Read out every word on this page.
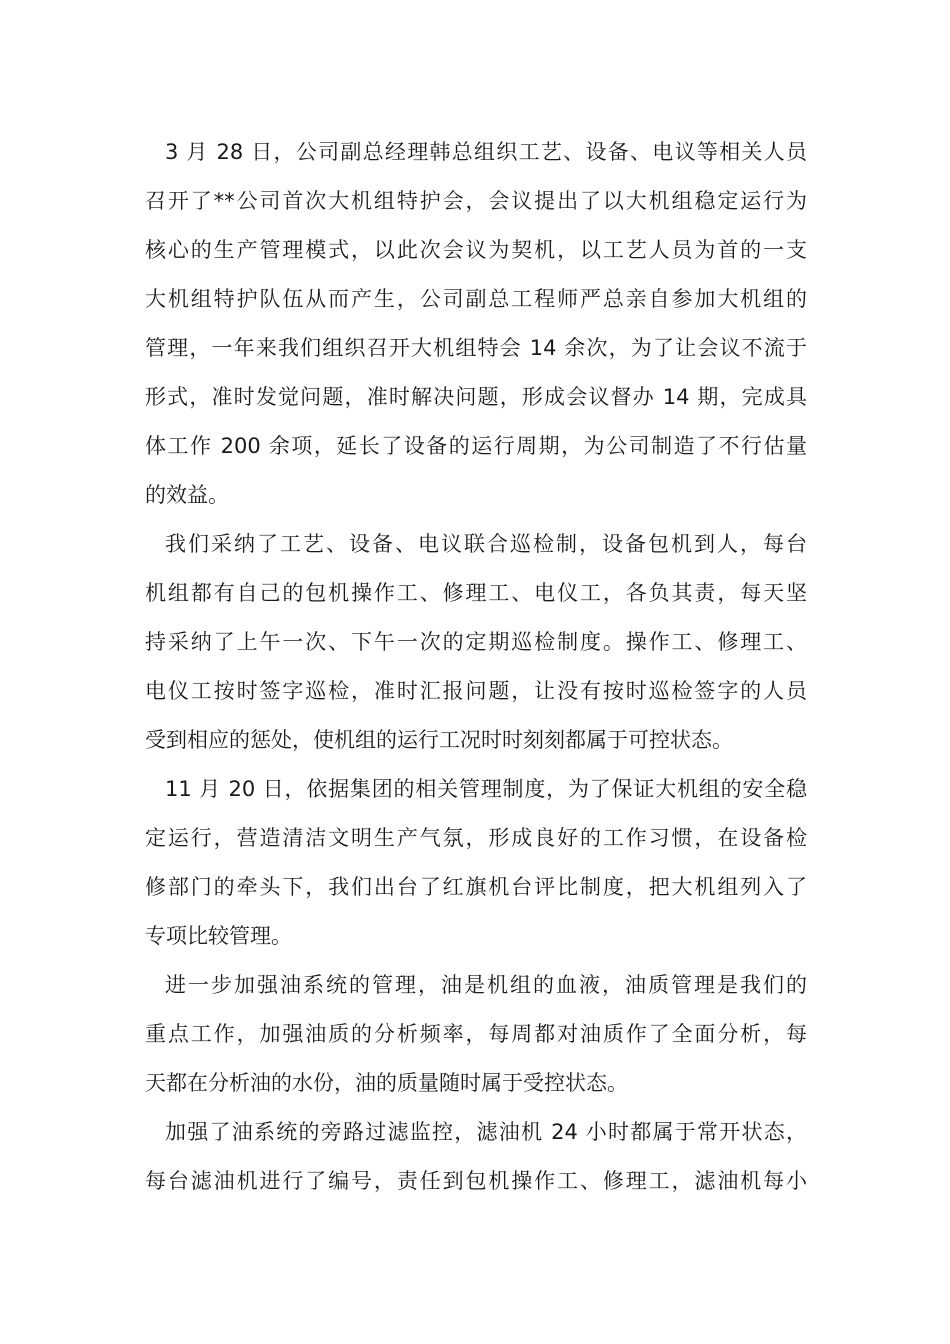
3 月 28 日，公司副总经理韩总组织工艺、设备、电议等相关人员
召开了**公司首次大机组特护会，会议提出了以大机组稳定运行为
核心的生产管理模式，以此次会议为契机，以工艺人员为首的一支
大机组特护队伍从而产生，公司副总工程师严总亲自参加大机组的
管理，一年来我们组织召开大机组特会 14 余次，为了让会议不流于
形式，准时发觉问题，准时解决问题，形成会议督办 14 期，完成具
体工作 200 余项，延长了设备的运行周期，为公司制造了不行估量
的效益。
我们采纳了工艺、设备、电议联合巡检制，设备包机到人，每台
机组都有自己的包机操作工、修理工、电仪工，各负其责，每天坚
持采纳了上午一次、下午一次的定期巡检制度。操作工、修理工、
电仪工按时签字巡检，准时汇报问题，让没有按时巡检签字的人员
受到相应的惩处，使机组的运行工况时时刻刻都属于可控状态。
11 月 20 日，依据集团的相关管理制度，为了保证大机组的安全稳
定运行，营造清洁文明生产气氛，形成良好的工作习惯，在设备检
修部门的牵头下，我们出台了红旗机台评比制度，把大机组列入了
专项比较管理。
进一步加强油系统的管理，油是机组的血液，油质管理是我们的
重点工作，加强油质的分析频率，每周都对油质作了全面分析，每
天都在分析油的水份，油的质量随时属于受控状态。
加强了油系统的旁路过滤监控，滤油机 24 小时都属于常开状态，
每台滤油机进行了编号，责任到包机操作工、修理工，滤油机每小
